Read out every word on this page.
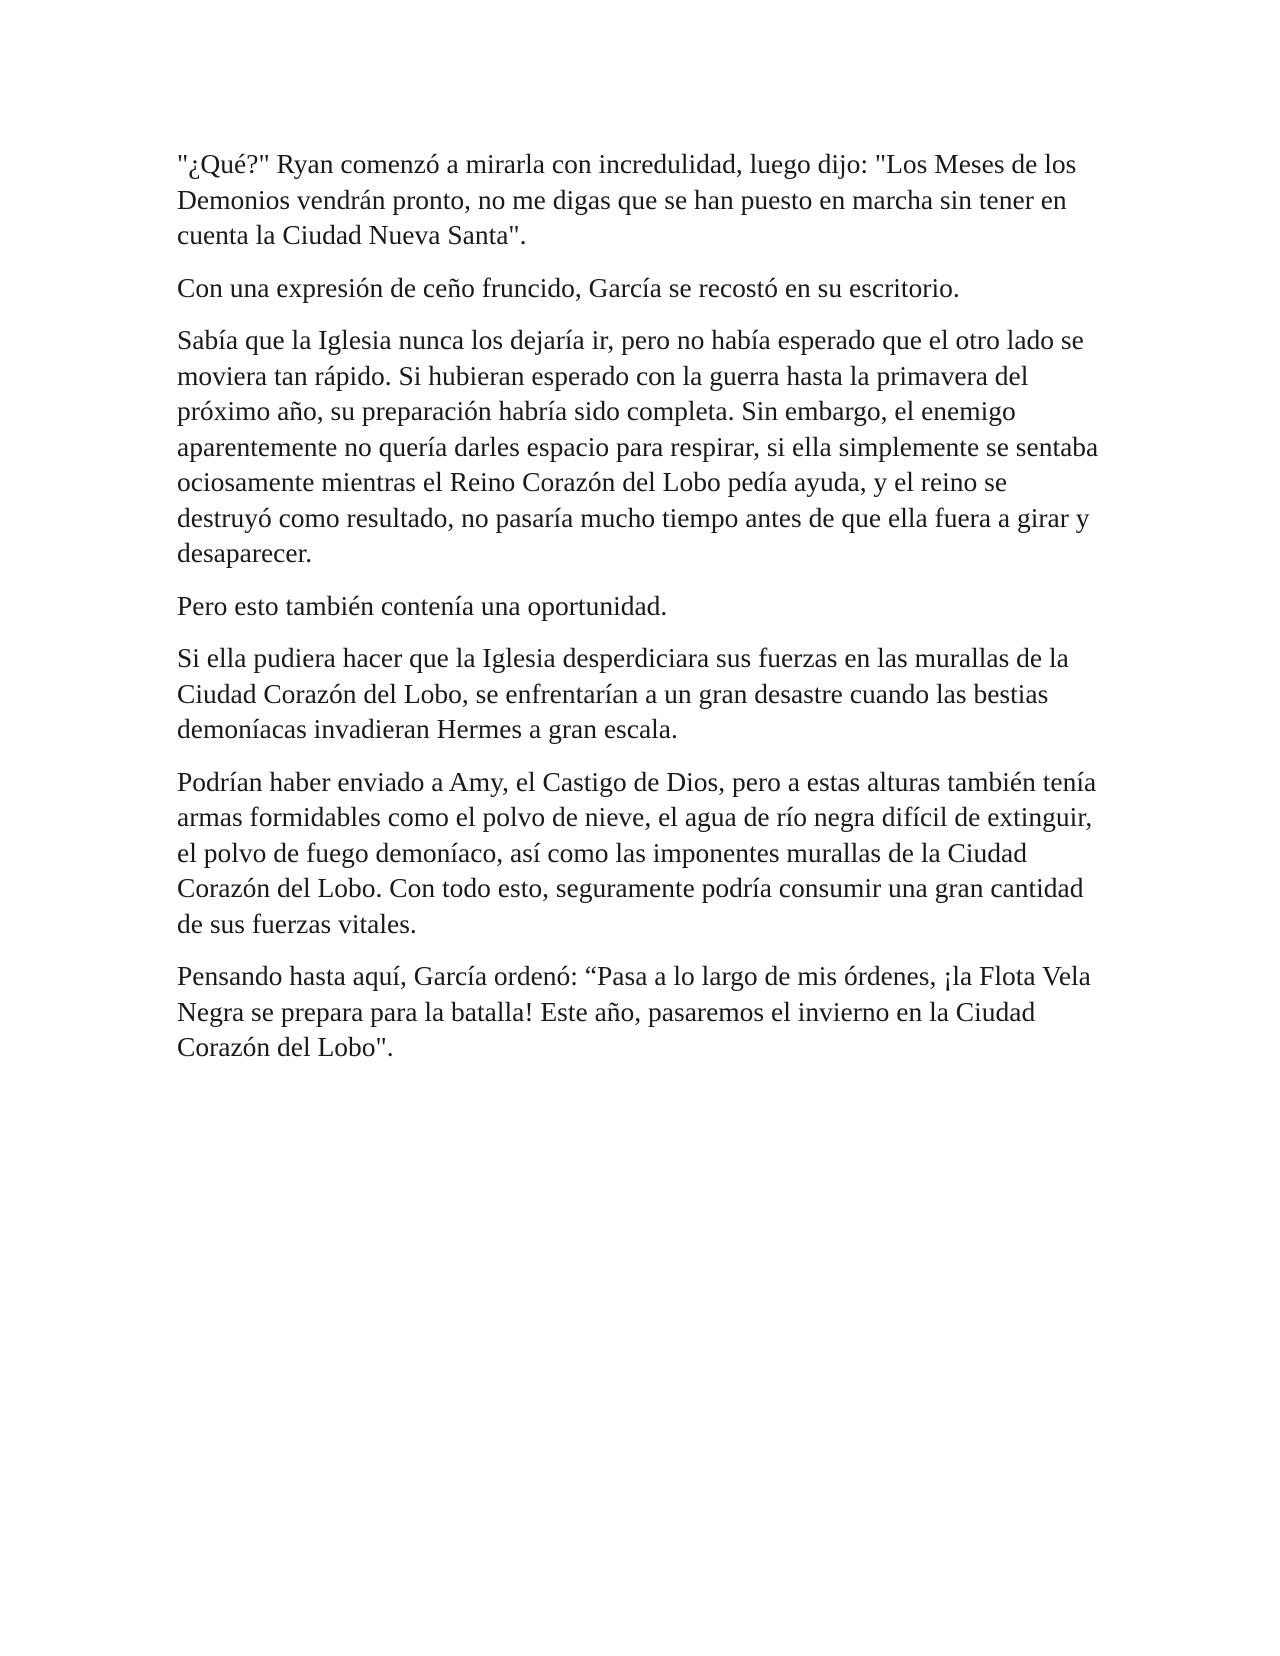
"¿Qué?" Ryan comenzó a mirarla con incredulidad, luego dijo: "Los Meses de los Demonios vendrán pronto, no me digas que se han puesto en marcha sin tener en cuenta la Ciudad Nueva Santa".

Con una expresión de ceño fruncido, García se recostó en su escritorio.

Sabía que la Iglesia nunca los dejaría ir, pero no había esperado que el otro lado se moviera tan rápido. Si hubieran esperado con la guerra hasta la primavera del próximo año, su preparación habría sido completa. Sin embargo, el enemigo aparentemente no quería darles espacio para respirar, si ella simplemente se sentaba ociosamente mientras el Reino Corazón del Lobo pedía ayuda, y el reino se destruyó como resultado, no pasaría mucho tiempo antes de que ella fuera a girar y desaparecer.

Pero esto también contenía una oportunidad.

Si ella pudiera hacer que la Iglesia desperdiciara sus fuerzas en las murallas de la Ciudad Corazón del Lobo, se enfrentarían a un gran desastre cuando las bestias demoníacas invadieran Hermes a gran escala.

Podrían haber enviado a Amy, el Castigo de Dios, pero a estas alturas también tenía armas formidables como el polvo de nieve, el agua de río negra difícil de extinguir, el polvo de fuego demoníaco, así como las imponentes murallas de la Ciudad Corazón del Lobo. Con todo esto, seguramente podría consumir una gran cantidad de sus fuerzas vitales.

Pensando hasta aquí, García ordenó: “Pasa a lo largo de mis órdenes, ¡la Flota Vela Negra se prepara para la batalla! Este año, pasaremos el invierno en la Ciudad Corazón del Lobo".
